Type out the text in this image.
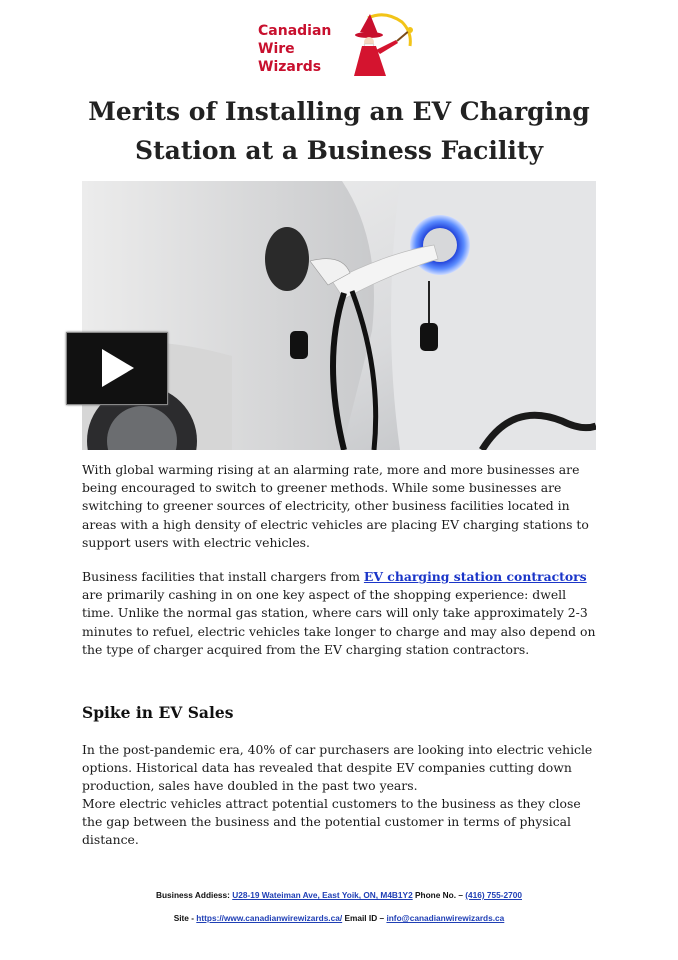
Canadian
Wire
Wizards
Merits of Installing an EV Charging
Station at a Business Facility
With global warming rising at an alarming rate, more and more businesses are being encouraged to switch to greener methods. While some businesses are switching to greener sources of electricity, other business facilities located in areas with a high density of electric vehicles are placing EV charging stations to support users with electric vehicles.
Business facilities that install chargers from EV charging station contractors are primarily cashing in on one key aspect of the shopping experience: dwell time. Unlike the normal gas station, where cars will only take approximately 2-3 minutes to refuel, electric vehicles take longer to charge and may also depend on the type of charger acquired from the EV charging station contractors.
Spike in EV Sales
In the post-pandemic era, 40% of car purchasers are looking into electric vehicle options. Historical data has revealed that despite EV companies cutting down production, sales have doubled in the past two years.
More electric vehicles attract potential customers to the business as they close the gap between the business and the potential customer in terms of physical distance.
Business Addiess: U28-19 Wateiman Ave, East Yoik, ON, M4B1Y2 Phone No. – (416) 755-2700
Site - https://www.canadianwirewizards.ca/ Email ID – info@canadianwirewizards.ca
